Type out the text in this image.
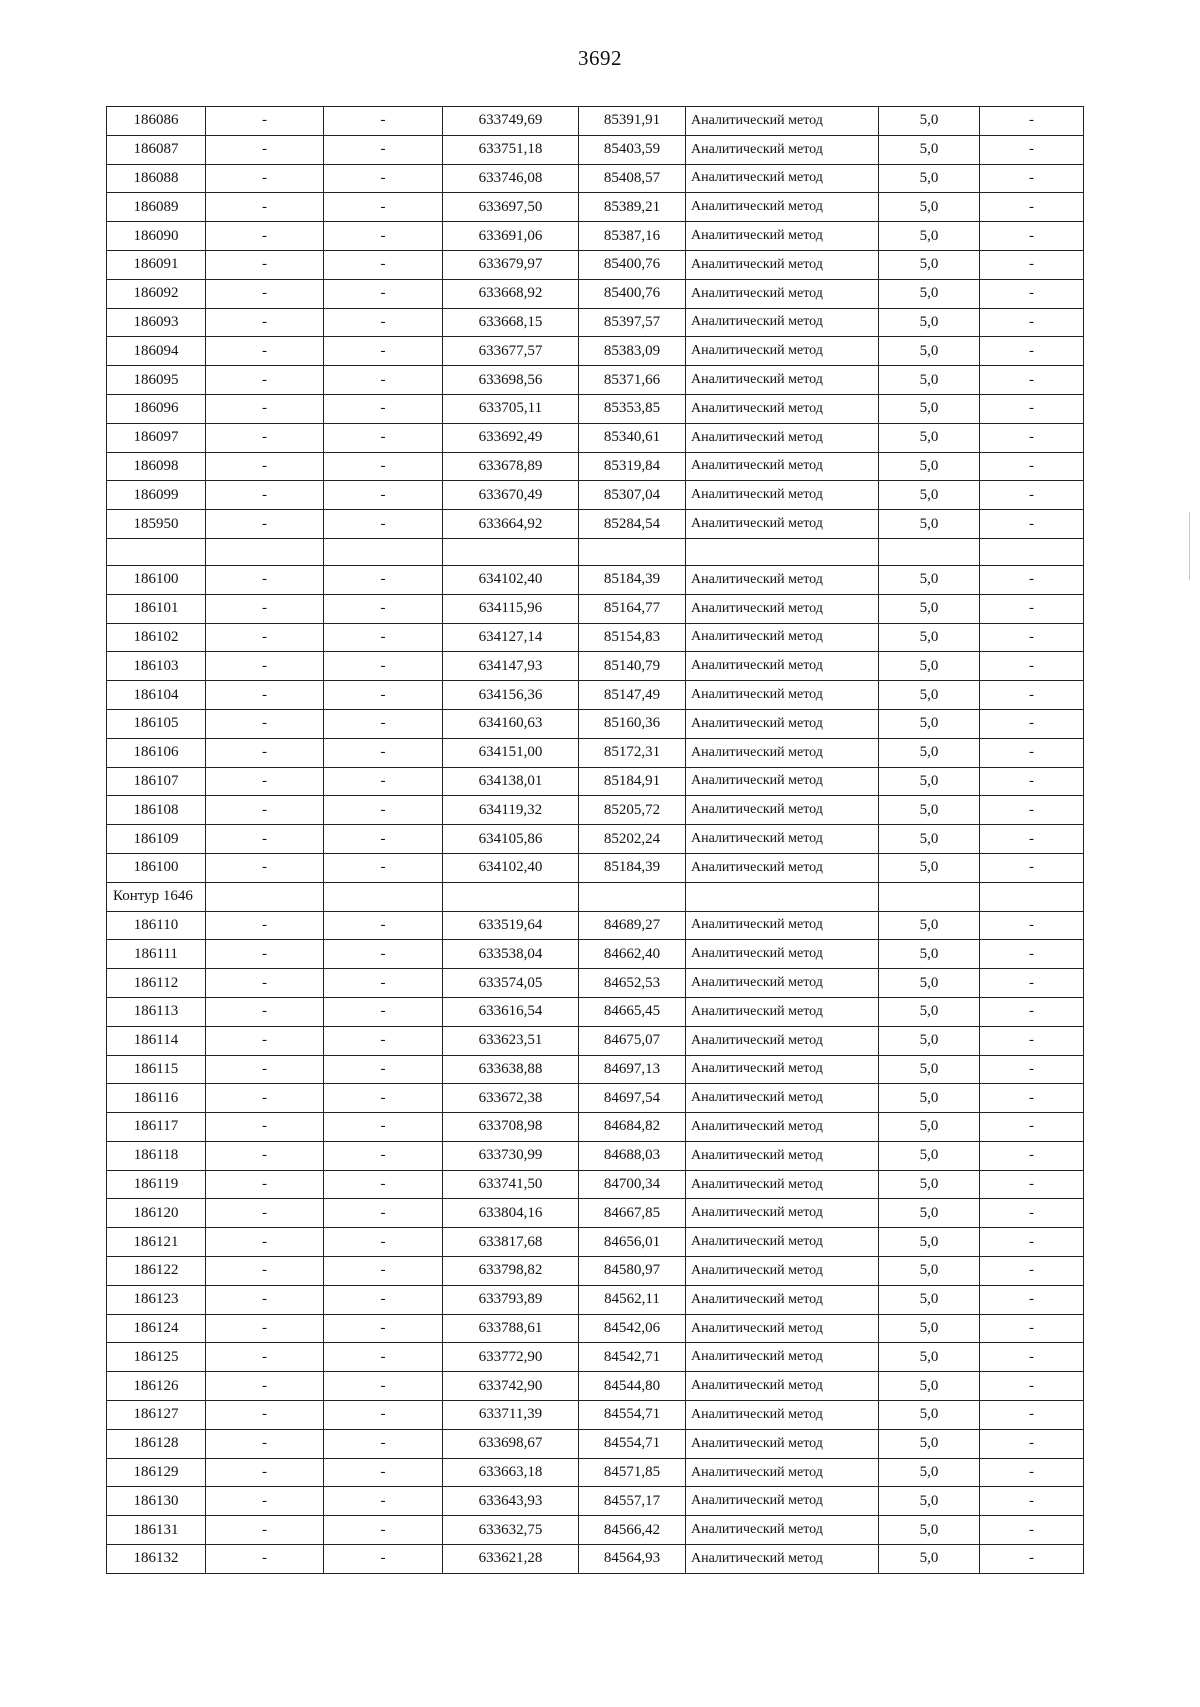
3692
186086	-	-	633749,69	85391,91	Аналитический метод	5,0	-
186087	-	-	633751,18	85403,59	Аналитический метод	5,0	-
186088	-	-	633746,08	85408,57	Аналитический метод	5,0	-
186089	-	-	633697,50	85389,21	Аналитический метод	5,0	-
186090	-	-	633691,06	85387,16	Аналитический метод	5,0	-
186091	-	-	633679,97	85400,76	Аналитический метод	5,0	-
186092	-	-	633668,92	85400,76	Аналитический метод	5,0	-
186093	-	-	633668,15	85397,57	Аналитический метод	5,0	-
186094	-	-	633677,57	85383,09	Аналитический метод	5,0	-
186095	-	-	633698,56	85371,66	Аналитический метод	5,0	-
186096	-	-	633705,11	85353,85	Аналитический метод	5,0	-
186097	-	-	633692,49	85340,61	Аналитический метод	5,0	-
186098	-	-	633678,89	85319,84	Аналитический метод	5,0	-
186099	-	-	633670,49	85307,04	Аналитический метод	5,0	-
185950	-	-	633664,92	85284,54	Аналитический метод	5,0	-

186100	-	-	634102,40	85184,39	Аналитический метод	5,0	-
186101	-	-	634115,96	85164,77	Аналитический метод	5,0	-
186102	-	-	634127,14	85154,83	Аналитический метод	5,0	-
186103	-	-	634147,93	85140,79	Аналитический метод	5,0	-
186104	-	-	634156,36	85147,49	Аналитический метод	5,0	-
186105	-	-	634160,63	85160,36	Аналитический метод	5,0	-
186106	-	-	634151,00	85172,31	Аналитический метод	5,0	-
186107	-	-	634138,01	85184,91	Аналитический метод	5,0	-
186108	-	-	634119,32	85205,72	Аналитический метод	5,0	-
186109	-	-	634105,86	85202,24	Аналитический метод	5,0	-
186100	-	-	634102,40	85184,39	Аналитический метод	5,0	-
Контур 1646							
186110	-	-	633519,64	84689,27	Аналитический метод	5,0	-
186111	-	-	633538,04	84662,40	Аналитический метод	5,0	-
186112	-	-	633574,05	84652,53	Аналитический метод	5,0	-
186113	-	-	633616,54	84665,45	Аналитический метод	5,0	-
186114	-	-	633623,51	84675,07	Аналитический метод	5,0	-
186115	-	-	633638,88	84697,13	Аналитический метод	5,0	-
186116	-	-	633672,38	84697,54	Аналитический метод	5,0	-
186117	-	-	633708,98	84684,82	Аналитический метод	5,0	-
186118	-	-	633730,99	84688,03	Аналитический метод	5,0	-
186119	-	-	633741,50	84700,34	Аналитический метод	5,0	-
186120	-	-	633804,16	84667,85	Аналитический метод	5,0	-
186121	-	-	633817,68	84656,01	Аналитический метод	5,0	-
186122	-	-	633798,82	84580,97	Аналитический метод	5,0	-
186123	-	-	633793,89	84562,11	Аналитический метод	5,0	-
186124	-	-	633788,61	84542,06	Аналитический метод	5,0	-
186125	-	-	633772,90	84542,71	Аналитический метод	5,0	-
186126	-	-	633742,90	84544,80	Аналитический метод	5,0	-
186127	-	-	633711,39	84554,71	Аналитический метод	5,0	-
186128	-	-	633698,67	84554,71	Аналитический метод	5,0	-
186129	-	-	633663,18	84571,85	Аналитический метод	5,0	-
186130	-	-	633643,93	84557,17	Аналитический метод	5,0	-
186131	-	-	633632,75	84566,42	Аналитический метод	5,0	-
186132	-	-	633621,28	84564,93	Аналитический метод	5,0	-
